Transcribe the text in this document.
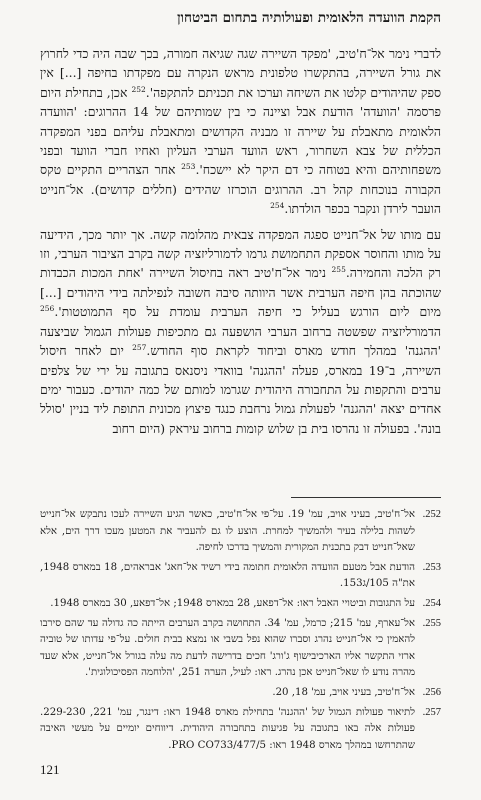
הקמת הוועדה הלאומית ופעולותיה בתחום הביטחון

לדברי נימר אל־ח'טיב, 'מפקד השיירה שגה שגיאה חמורה, בכך שבה היה כדי לחרוץ את גורל השיירה, בהתקשרו טלפונית מראש הנקרה עם מפקדתו בחיפה [...] אין ספק שהיהודים קלטו את השיחה וערכו את תכניתם להתקפה'.$^{252}$ אכן, בתחילת היום פרסמה 'הוועדה' הודעת אבל וציינה כי בין שמותיהם של 14 ההרוגים: 'הוועדה הלאומית מתאבלת על שיירה זו מבניה הקדושים ומתאבלת עליהם בפני המפקדה הכללית של צבא השחרור, ראש הוועד הערבי העליון ואחיו חברי הוועד ובפני משפחותיהם והיא בטוחה כי דם היקר לא יישכח'.$^{253}$ אחר הצהריים התקיים טקס הקבורה בנוכחות קהל רב. ההרוגים הוכרזו שהידים (חללים קדושים). אל־חנייט הועבר לירדן ונקבר בכפר הולדתו.$^{254}$

עם מותו של אל־חנייט ספגה המפקדה צבאית מהלומה קשה. אך יותר מכך, הידיעה על מותו והחוסר אספקת התחמושת גרמו לדמורליזציה קשה בקרב הציבור הערבי, וזו רק הלכה והחמירה.$^{255}$ נימר אל־ח'טיב ראה בחיסול השיירה 'אחת המכות הכבדות שהוכתה בהן חיפה הערבית אשר היוותה סיבה חשובה לנפילתה בידי היהודים [...] מיום ליום הורגש בעליל כי חיפה הערבית עומדת על סף התמוטטות'.$^{256}$ הדמורליזציה שפשטה ברחוב הערבי הושפעה גם מתכיפות פעולות הגמול שביצעה 'ההגנה' במהלך חודש מארס וביחוד לקראת סוף החודש.$^{257}$ יום לאחר חיסול השיירה, ב־19 במארס, פעלה 'ההגנה' בוואדי ניסנאס בתגובה על ירי של צלפים ערבים והתקפות על התחבורה היהודית שגרמו למותם של כמה יהודים. כעבור ימים אחדים יצאה 'ההגנה' לפעולת גמול נרחבת כנגד פיצוץ מכונית התופת ליד בניין 'סולל בונה'. בפעולה זו נהרסו בית בן שלוש קומות ברחוב עיראק (היום רחוב

252.
אל־ח'טיב, בעיני אויב, עמ' 19. על־פי אל־ח'טיב, כאשר הגיע השיירה לעכו נתבקש אל־חנייט לשהות בלילה בעיר ולהמשיך למחרת. הוצע לו גם להעביר את המטען מעכו דרך הים, אלא שאל־חנייט דבק בתכנית המקורית והמשיך בדרכו לחיפה.
253.
הודעת אבל מטעם הוועדה הלאומית חתומה בידי רשיד אל־חאג' אבראהים, 18 במארס 1948, את"ה 105/ג153.
254.
על התגובות וביטויי האבל ראו: אל־דפאע, 28 במארס 1948; אל־דפאע, 30 במארס 1948.
255.
אל־עארף, עמ' 215; כרמל, עמ' 34. התחושה בקרב הערבים הייתה כה גדולה עד שהם סירבו להאמין כי אל־חנייט נהרג וסברו שהוא נפל בשבי או נמצא בבית חולים. על־פי עדותו של טוביה ארזי התקשר אליו הארכיבישוף ג'ורג' חכים בדרישה לדעת מה עלה בגורל אל־חנייט, אלא שעד מהרה נודע לו שאל־חנייט אכן נהרג. ראו: לעיל, הערה 251, 'הלוחמה הפסיכולוגית'.
256.
אל־ח'טיב, בעיני אויב, עמ' 18, 20.
257.
לתיאור פעולות הגמול של 'ההגנה' בתחילת מארס 1948 ראו: דינגר, עמ' 221, 229-230. פעולות אלה באו בתגובה על פגיעות בתחבורה היהודית. דיווחים יומיים על מעשי האיבה שהתרחשו במהלך מארס 1948 ראו: PRO CO733/477/5.
121
